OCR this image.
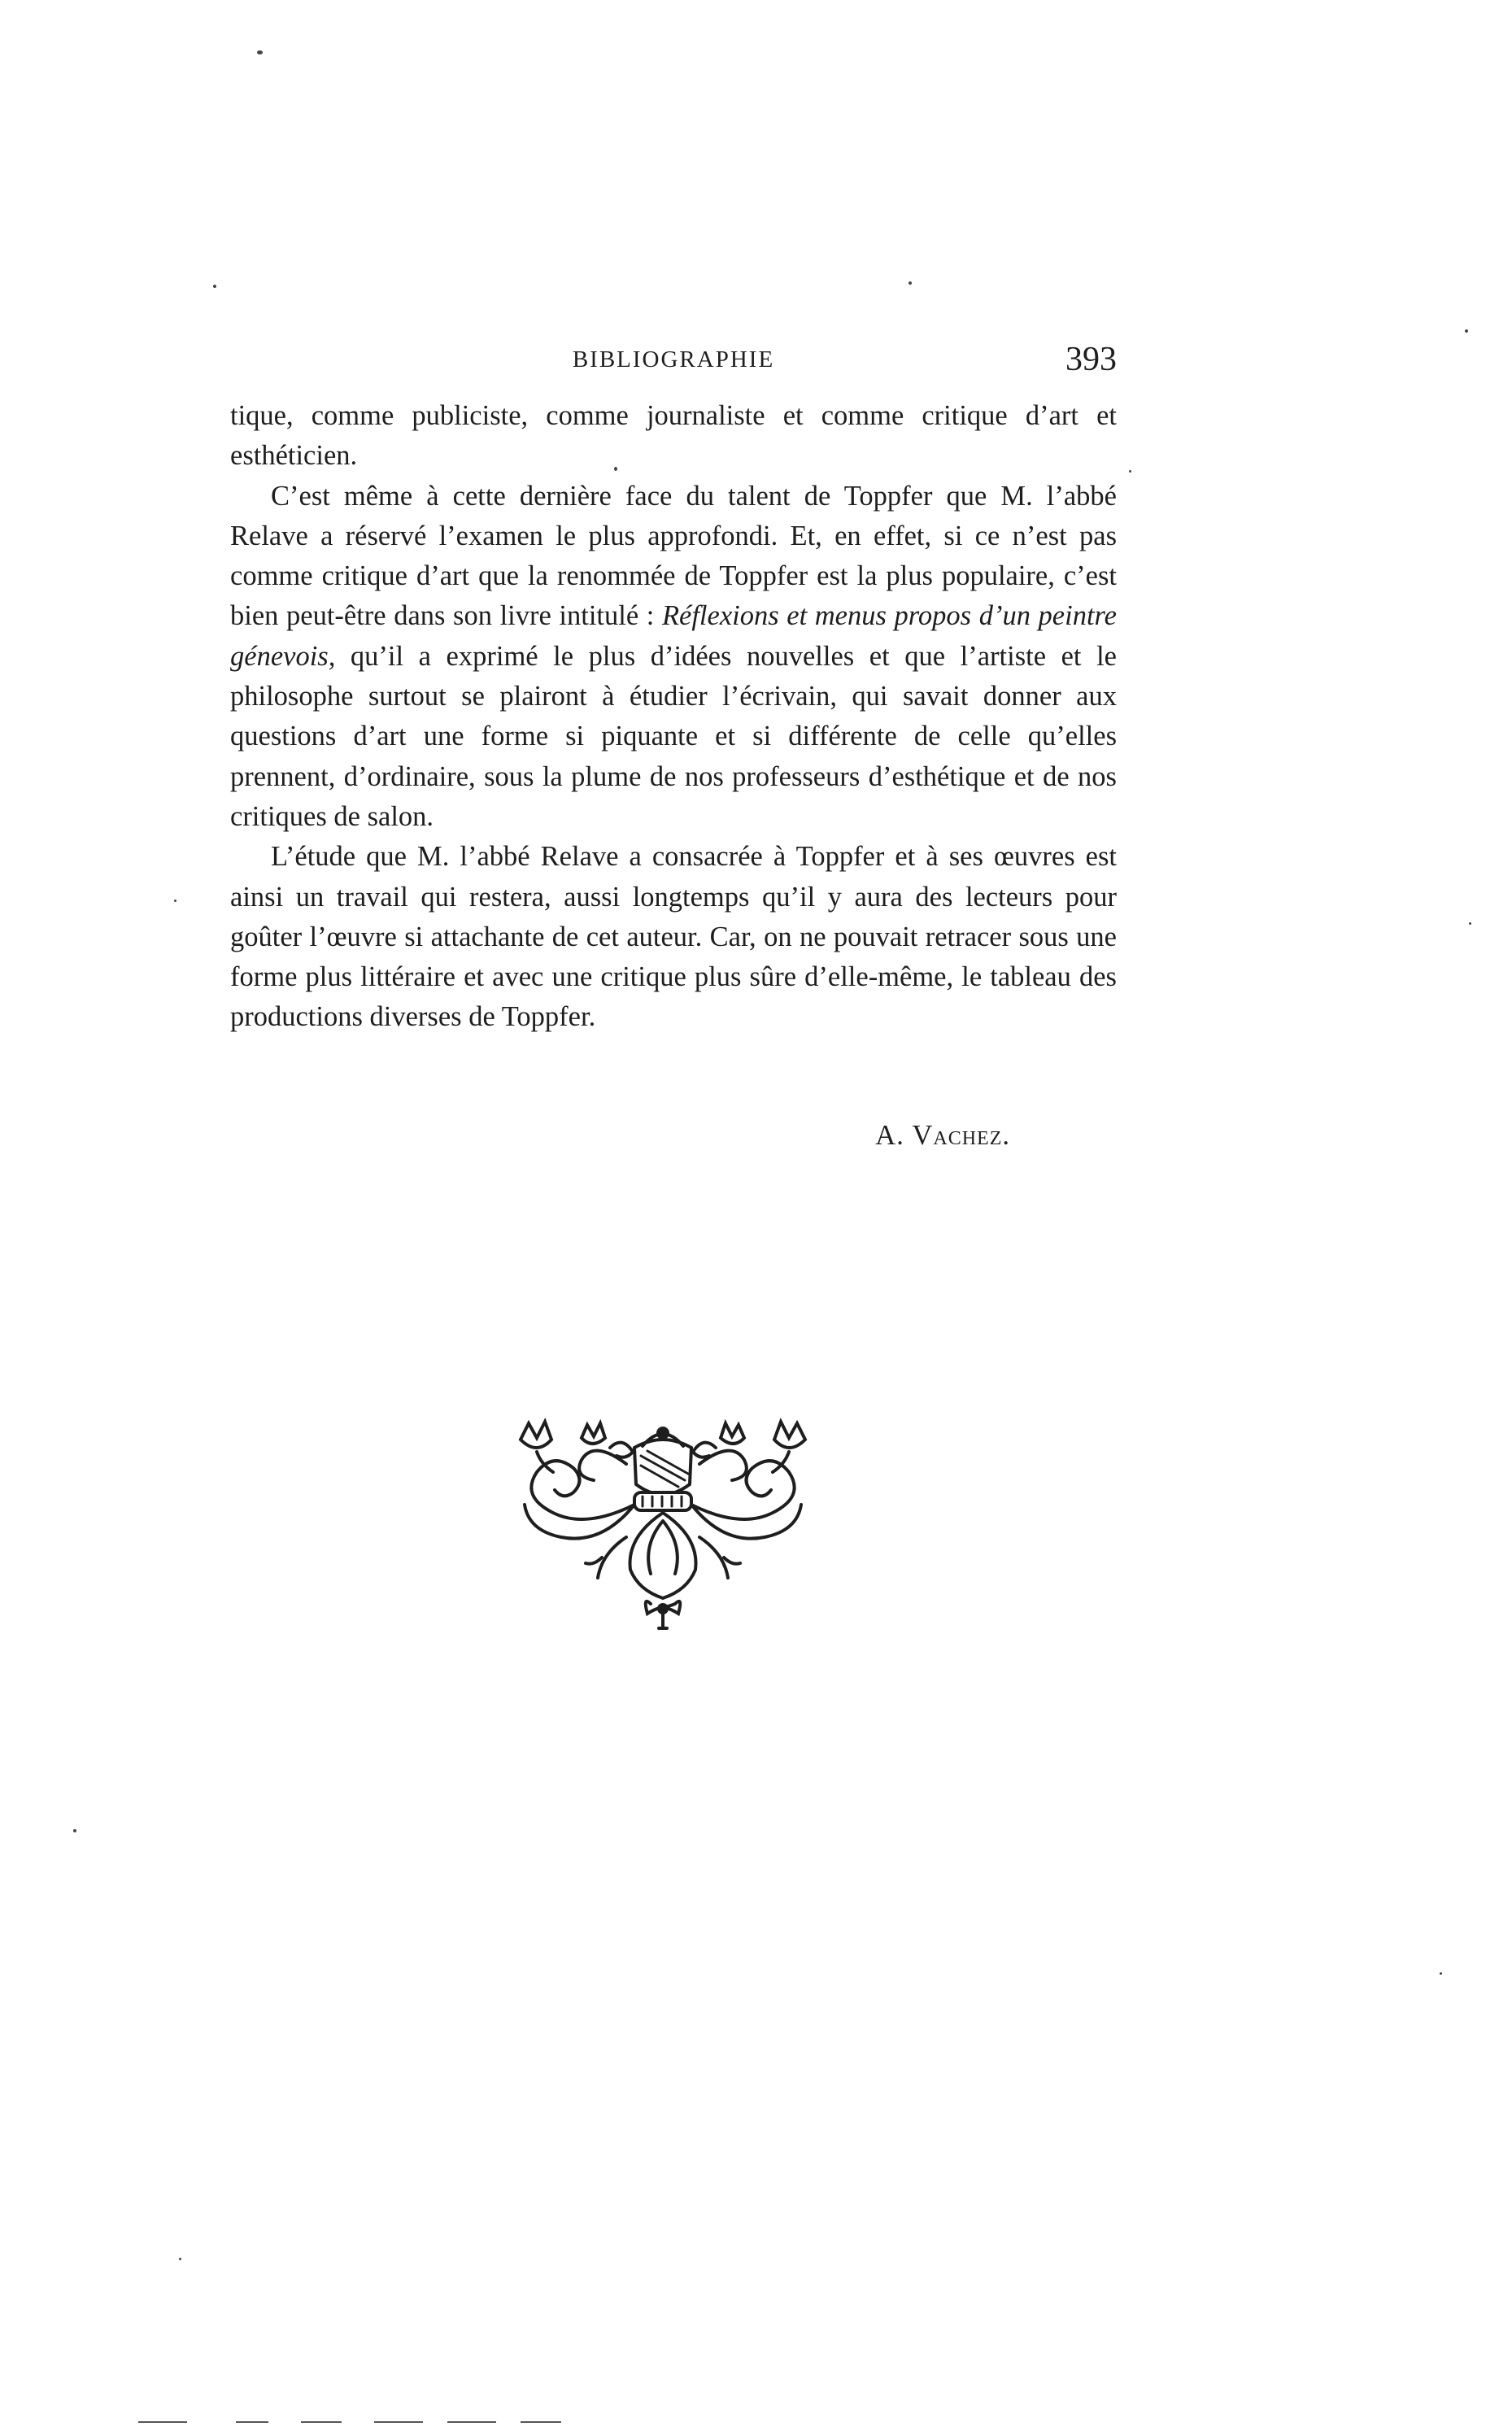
BIBLIOGRAPHIE	393

tique, comme publiciste, comme journaliste et comme critique d’art et esthéticien.

C’est même à cette dernière face du talent de Toppfer que M. l’abbé Relave a réservé l’examen le plus approfondi. Et, en effet, si ce n’est pas comme critique d’art que la renommée de Toppfer est la plus populaire, c’est bien peut-être dans son livre intitulé : Réflexions et menus propos d’un peintre génevois, qu’il a exprimé le plus d’idées nouvelles et que l’artiste et le philosophe surtout se plairont à étudier l’écrivain, qui savait donner aux questions d’art une forme si piquante et si différente de celle qu’elles prennent, d’ordinaire, sous la plume de nos professeurs d’esthétique et de nos critiques de salon.

L’étude que M. l’abbé Relave a consacrée à Toppfer et à ses œuvres est ainsi un travail qui restera, aussi longtemps qu’il y aura des lecteurs pour goûter l’œuvre si attachante de cet auteur. Car, on ne pouvait retracer sous une forme plus littéraire et avec une critique plus sûre d’elle-même, le tableau des productions diverses de Toppfer.

A. Vachez.
